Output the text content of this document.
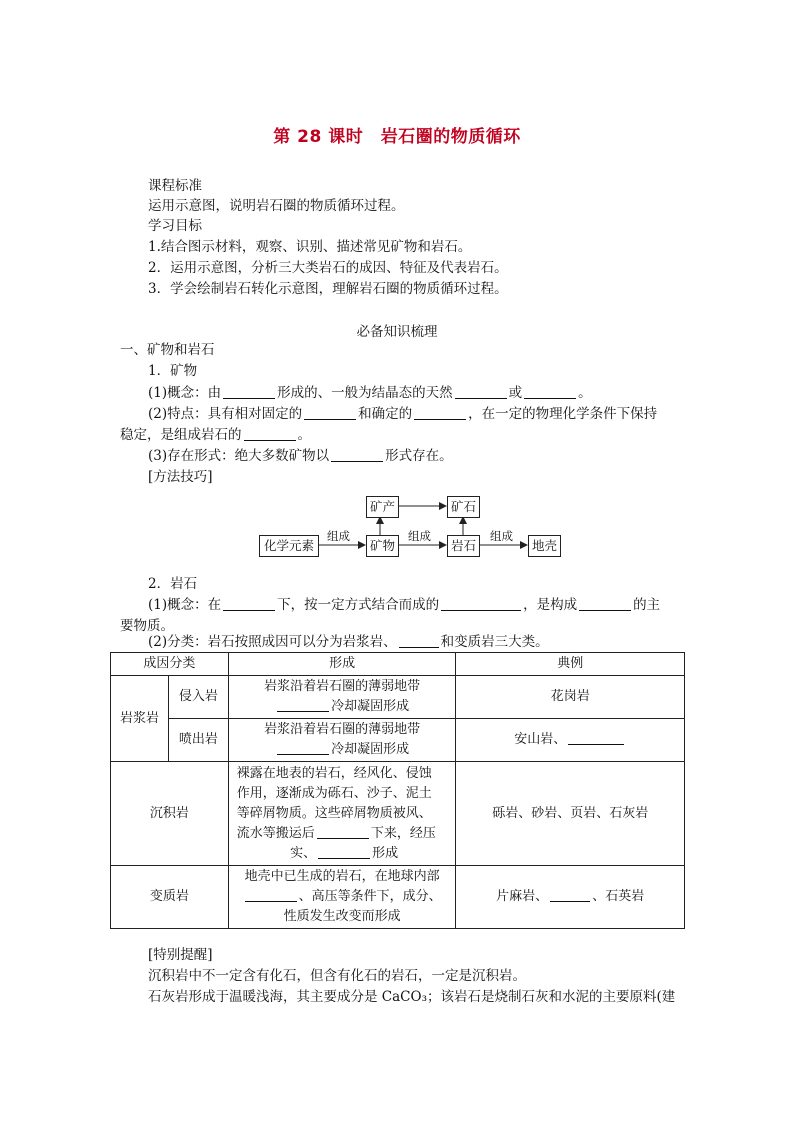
第 28 课时　岩石圈的物质循环
课程标准
运用示意图，说明岩石圈的物质循环过程。
学习目标
1.结合图示材料，观察、识别、描述常见矿物和岩石。
2．运用示意图，分析三大类岩石的成因、特征及代表岩石。
3．学会绘制岩石转化示意图，理解岩石圈的物质循环过程。
必备知识梳理
一、矿物和岩石
1．矿物
(1)概念：由	形成的、一般为结晶态的天然	或	。
(2)特点：具有相对固定的	和确定的	，在一定的物理化学条件下保持
稳定，是组成岩石的	。
(3)存在形式：绝大多数矿物以	形式存在。
[方法技巧]
化学元素	矿物	岩石	地壳
矿产	矿石
组成	组成	组成
2．岩石
(1)概念：在	下，按一定方式结合而成的	，是构成	的主
要物质。
(2)分类：岩石按照成因可以分为岩浆岩、	和变质岩三大类。
成因分类		形成	典例
岩浆岩	侵入岩	岩浆沿着岩石圈的薄弱地带
冷却凝固形成	花岗岩
	喷出岩	岩浆沿着岩石圈的薄弱地带
冷却凝固形成	安山岩、
沉积岩		裸露在地表的岩石，经风化、侵蚀
作用，逐渐成为砾石、沙子、泥土
等碎屑物质。这些碎屑物质被风、
流水等搬运后 下来，经压
实、 形成	砾岩、砂岩、页岩、石灰岩
变质岩		地壳中已生成的岩石，在地球内部
、高压等条件下，成分、
性质发生改变而形成	片麻岩、 、石英岩
[特别提醒]
沉积岩中不一定含有化石，但含有化石的岩石，一定是沉积岩。
石灰岩形成于温暖浅海，其主要成分是 CaCO₃；该岩石是烧制石灰和水泥的主要原料(建
